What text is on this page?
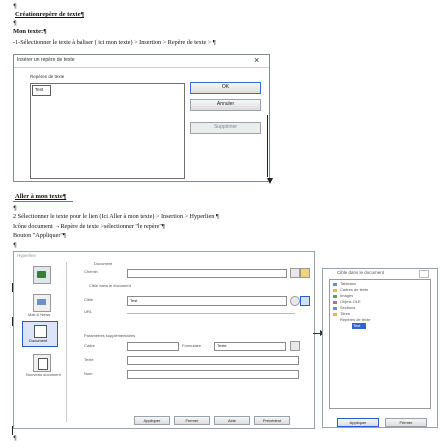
¶
Créationrepère de texte¶
¶
Mon texte:¶
-1-Sélectionner le texte à baliser ( ici mon texte) > Insertion > Repère de texte > ¶
Insérer un repère de texte	×
Repères de texte
Test	OK
Annuler
Supprimer
Aller à mon texte¶
¶
2 Sélectionner le texte pour le lien (Ici Aller à mon texte) > Insertion > Hyperlien ¶
Icône document →Repère de texte >sélectionner "le repère"¶
Bouton "Appliquer"¶
¶
Hyperlien
Mail & News
Document
Nouveau document
Document
Chemin
Cible dans le document
Cible	Test
URL
Paramètres supplémentaires
Cadre	Formulaire	Texte
Texte
Nom
Appliquer	Fermer	Aide	Précédent
¶
Cible dans le document
Tableaux
Cadres de texte
Images
Objets OLE
Sections
Titres
Repères de texte
Test
Appliquer	Fermer
